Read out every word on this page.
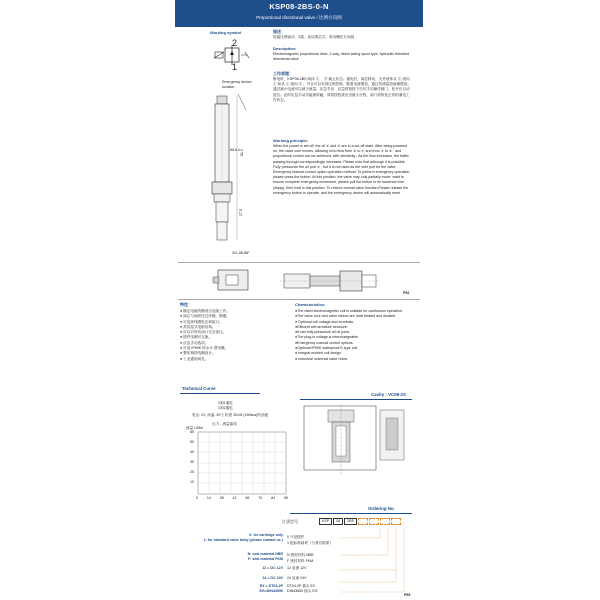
KSP08-2BS-0-N
Proportional directional valve / 比例方向阀
Working symbol
2
1
Emergency device location
Ø15.4 81.2
27.5
3/4-16UNF
描述：
电磁比例驱动、2通、直动滑芯式、常闭螺纹方向阀
Description:
Electromagnetic proportional drive, 2-way, direct acting spool type, hydraulic threaded directional valve
工作原理：
断电时，KSP08-2BS 阀体 ① 、② 截止状态；通电后，阀芯移动，允许液体从 ② 流向 ① 和从 ① 流向 ② ，并且可以实现比例控制，随着电流增加，通过的流量将逐渐增加。通过减小电流可以减少流量。应急手动：应急按钮按下后可手动操作阀门，松开后自动复位。此时应急手动功能被屏蔽，请将按钮拔出至最大行程，阀门将恢复正常的通电工作状态。
Working principle:
When the power is set off, the oil ① and ② are in a cut-off state. After being powered on, the valve core moves, allowing oil to flow from ② to ① and from ① to ② , and proportional control can be achieved, with electricity ; As the flow increases, the traffic passing through correspondingly increases. Please note that although it is possible. Fully pressurize the oil port ① , but it is not used as the inlet port for the valve. Emergency manual control option operation method: To perform emergency operation, please press the button. At this position, the valve may only partially move. want to ensure complete emergency movement, please pull the button to its maximum line (Away), then hold in this position. To restore normal valve function,Please release the emergency button to operate, and the emergency device will automatically reset.
P92
特性：
● 额定电磁线圈适合连续工作。
● 阀芯与阀套经过淬硬，精磨。
● 可选择线圈电压和接口。
● 高效湿式电枢结构。
● 可以对所有油口完全加压。
● 插件线圈可互换。
● 应急手动选项。
● 可选 IP69K 防水 E 型线圈。
● 整体铸铁线圈设计。
● 工业通用阀孔。
Characteristics:
●The rated electromagnetic coil is suitable for continuous operation.
●The valve core and valve sleeve are hard treated and durable.
● Optional coil voltage and terminals.
●Efficient wet armature structure.
●It can fully pressurize all oil ports.
●The plug-in voltage is interchangeable.
●Emergency manual control options.
●Optional IP69K waterproof E-type coil.
● Integral molded coil design.
● Industrial universal valve holes.
Technical Curve
2到1通电
1到2通电
电压: 2V, 油温: 49℃ 粘度 32cSt (150sus)的油液
压力 - 流量曲线
流量 L/Min
60
50
40
30
20
10
0 14 28 42 56 70 84 98
Cavity : VC08-2S
Ordering No.
订货型号	KSP	08	2BS
0: for cartridge only
1: for standard valve body (please contact us )
0 只是插件
1 配标准阀块（与我们联系）
N: seal material NBR
F: seal material FKM
N 密封材料 NBR
F 密封材料 FKM
12 = DC 12V 12 直流 12V
24 = DC 24V 24 直流 24V
EX = DT04-2P
EG=DIN43650
DT04-2P 插头 EX
DIN43650 插头 EG
P93
